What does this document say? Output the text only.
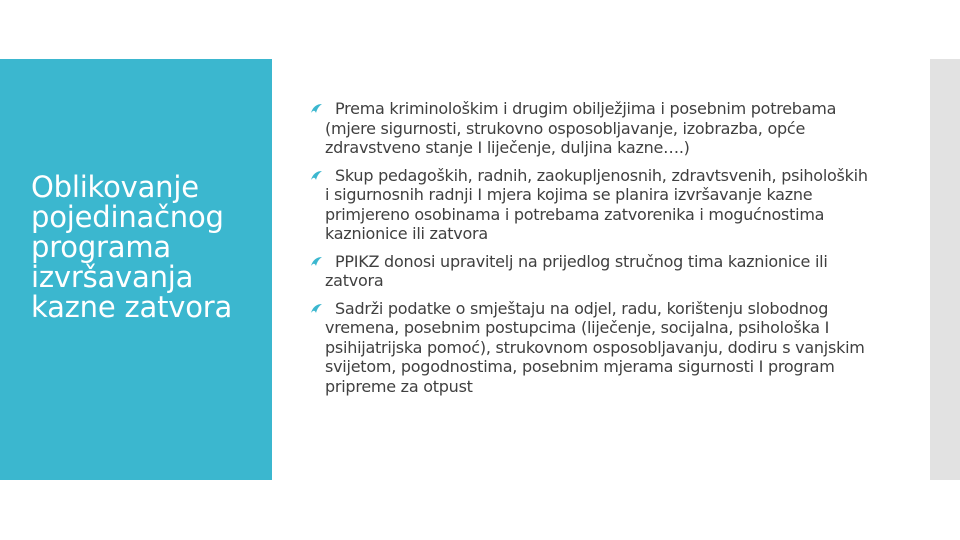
Oblikovanje pojedinačnog programa izvršavanja kazne zatvora
Prema kriminološkim i drugim obilježjima i posebnim potrebama (mjere sigurnosti, strukovno osposobljavanje, izobrazba, opće zdravstveno stanje I liječenje, duljina kazne….)
Skup pedagoških, radnih, zaokupljenosnih, zdravtsvenih, psiholoških i sigurnosnih radnji I mjera kojima se planira izvršavanje kazne primjereno osobinama i potrebama zatvorenika i mogućnostima kaznionice ili zatvora
PPIKZ donosi upravitelj na prijedlog stručnog tima kaznionice ili zatvora
Sadrži podatke o smještaju na odjel, radu, korištenju slobodnog vremena, posebnim postupcima (liječenje, socijalna, psihološka I psihijatrijska pomoć), strukovnom osposobljavanju, dodiru s vanjskim svijetom, pogodnostima, posebnim mjerama sigurnosti I program pripreme za otpust
